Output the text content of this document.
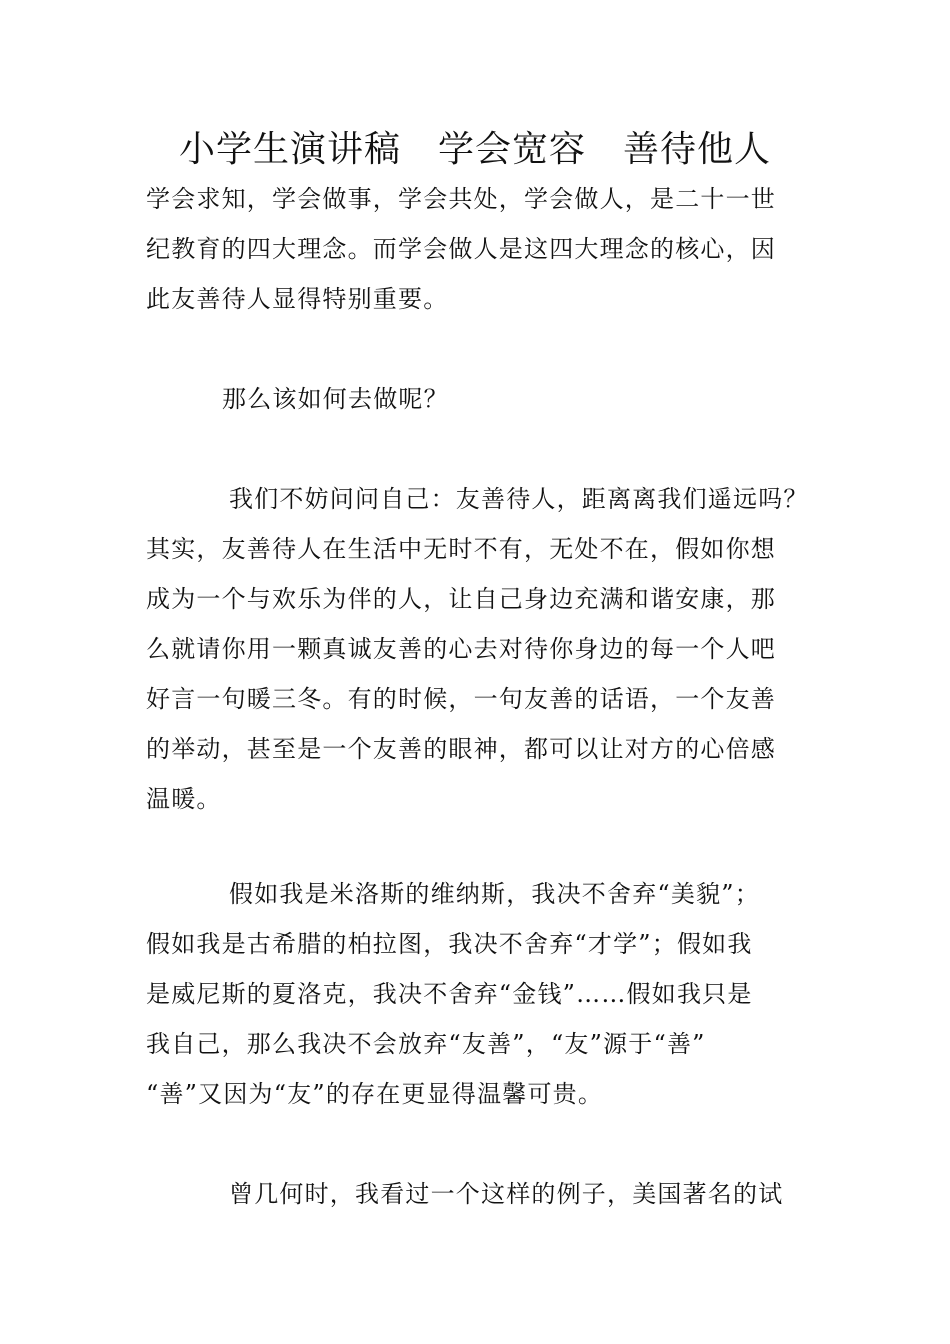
小学生演讲稿　学会宽容　善待他人
学会求知，学会做事，学会共处，学会做人，是二十一世
纪教育的四大理念。而学会做人是这四大理念的核心，因
此友善待人显得特别重要。
那么该如何去做呢？
我们不妨问问自己：友善待人，距离离我们遥远吗？
其实，友善待人在生活中无时不有，无处不在，假如你想
成为一个与欢乐为伴的人，让自己身边充满和谐安康，那
么就请你用一颗真诚友善的心去对待你身边的每一个人吧
好言一句暖三冬。有的时候，一句友善的话语，一个友善
的举动，甚至是一个友善的眼神，都可以让对方的心倍感
温暖。
假如我是米洛斯的维纳斯，我决不舍弃“美貌”；
假如我是古希腊的柏拉图，我决不舍弃“才学”；假如我
是威尼斯的夏洛克，我决不舍弃“金钱”……假如我只是
我自己，那么我决不会放弃“友善”，“友”源于“善”
“善”又因为“友”的存在更显得温馨可贵。
曾几何时，我看过一个这样的例子，美国著名的试
